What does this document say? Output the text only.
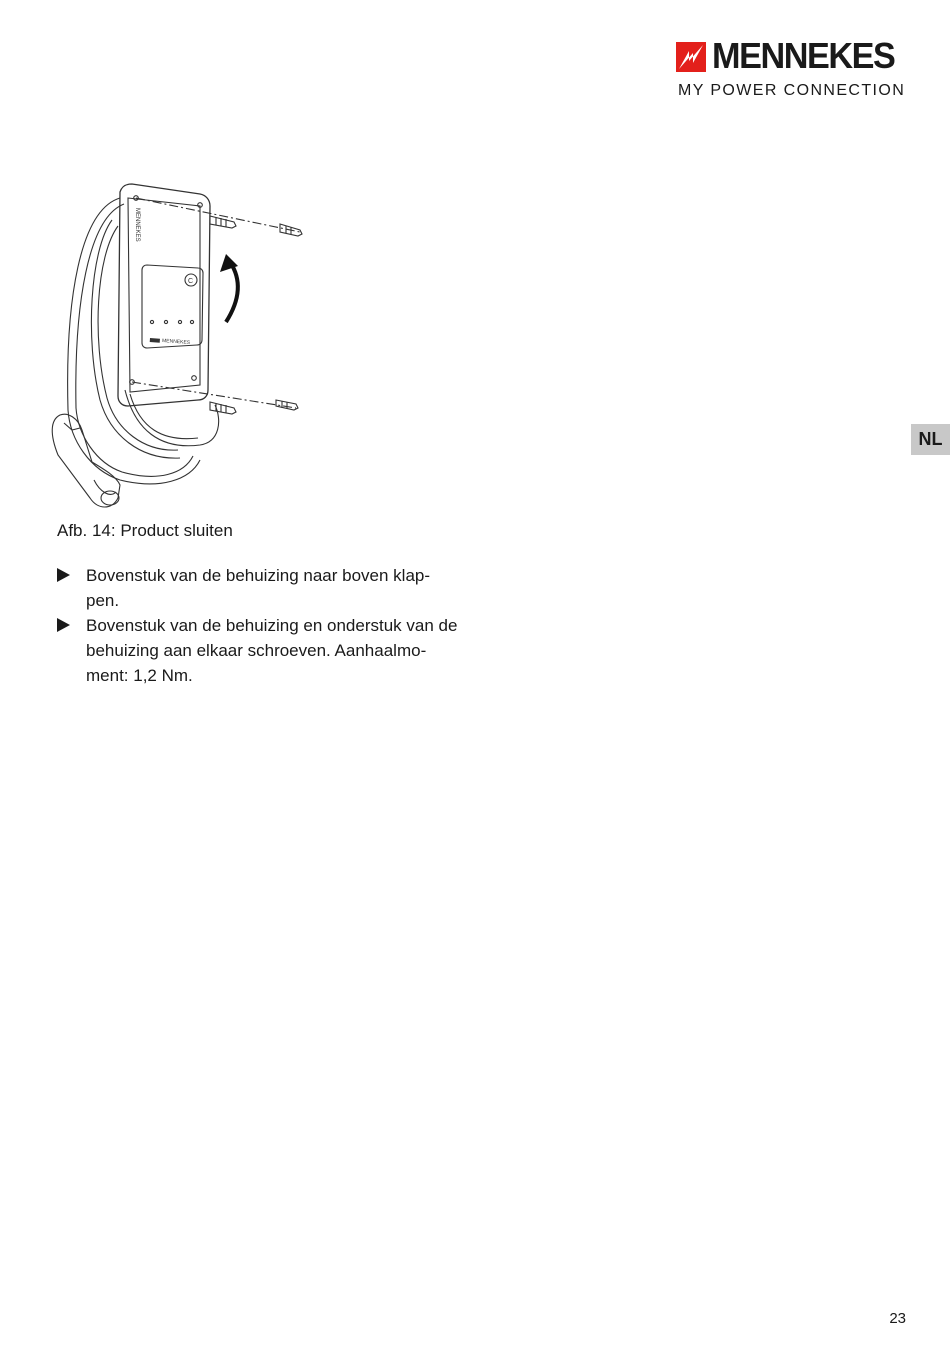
MENNEKES
MY POWER CONNECTION
C
MENNEKES
MENNEKES
Afb. 14: Product sluiten
Bovenstuk van de behuizing naar boven klap- pen.
Bovenstuk van de behuizing en onderstuk van de behuizing aan elkaar schroeven. Aanhaalmo- ment: 1,2 Nm.
NL
23
